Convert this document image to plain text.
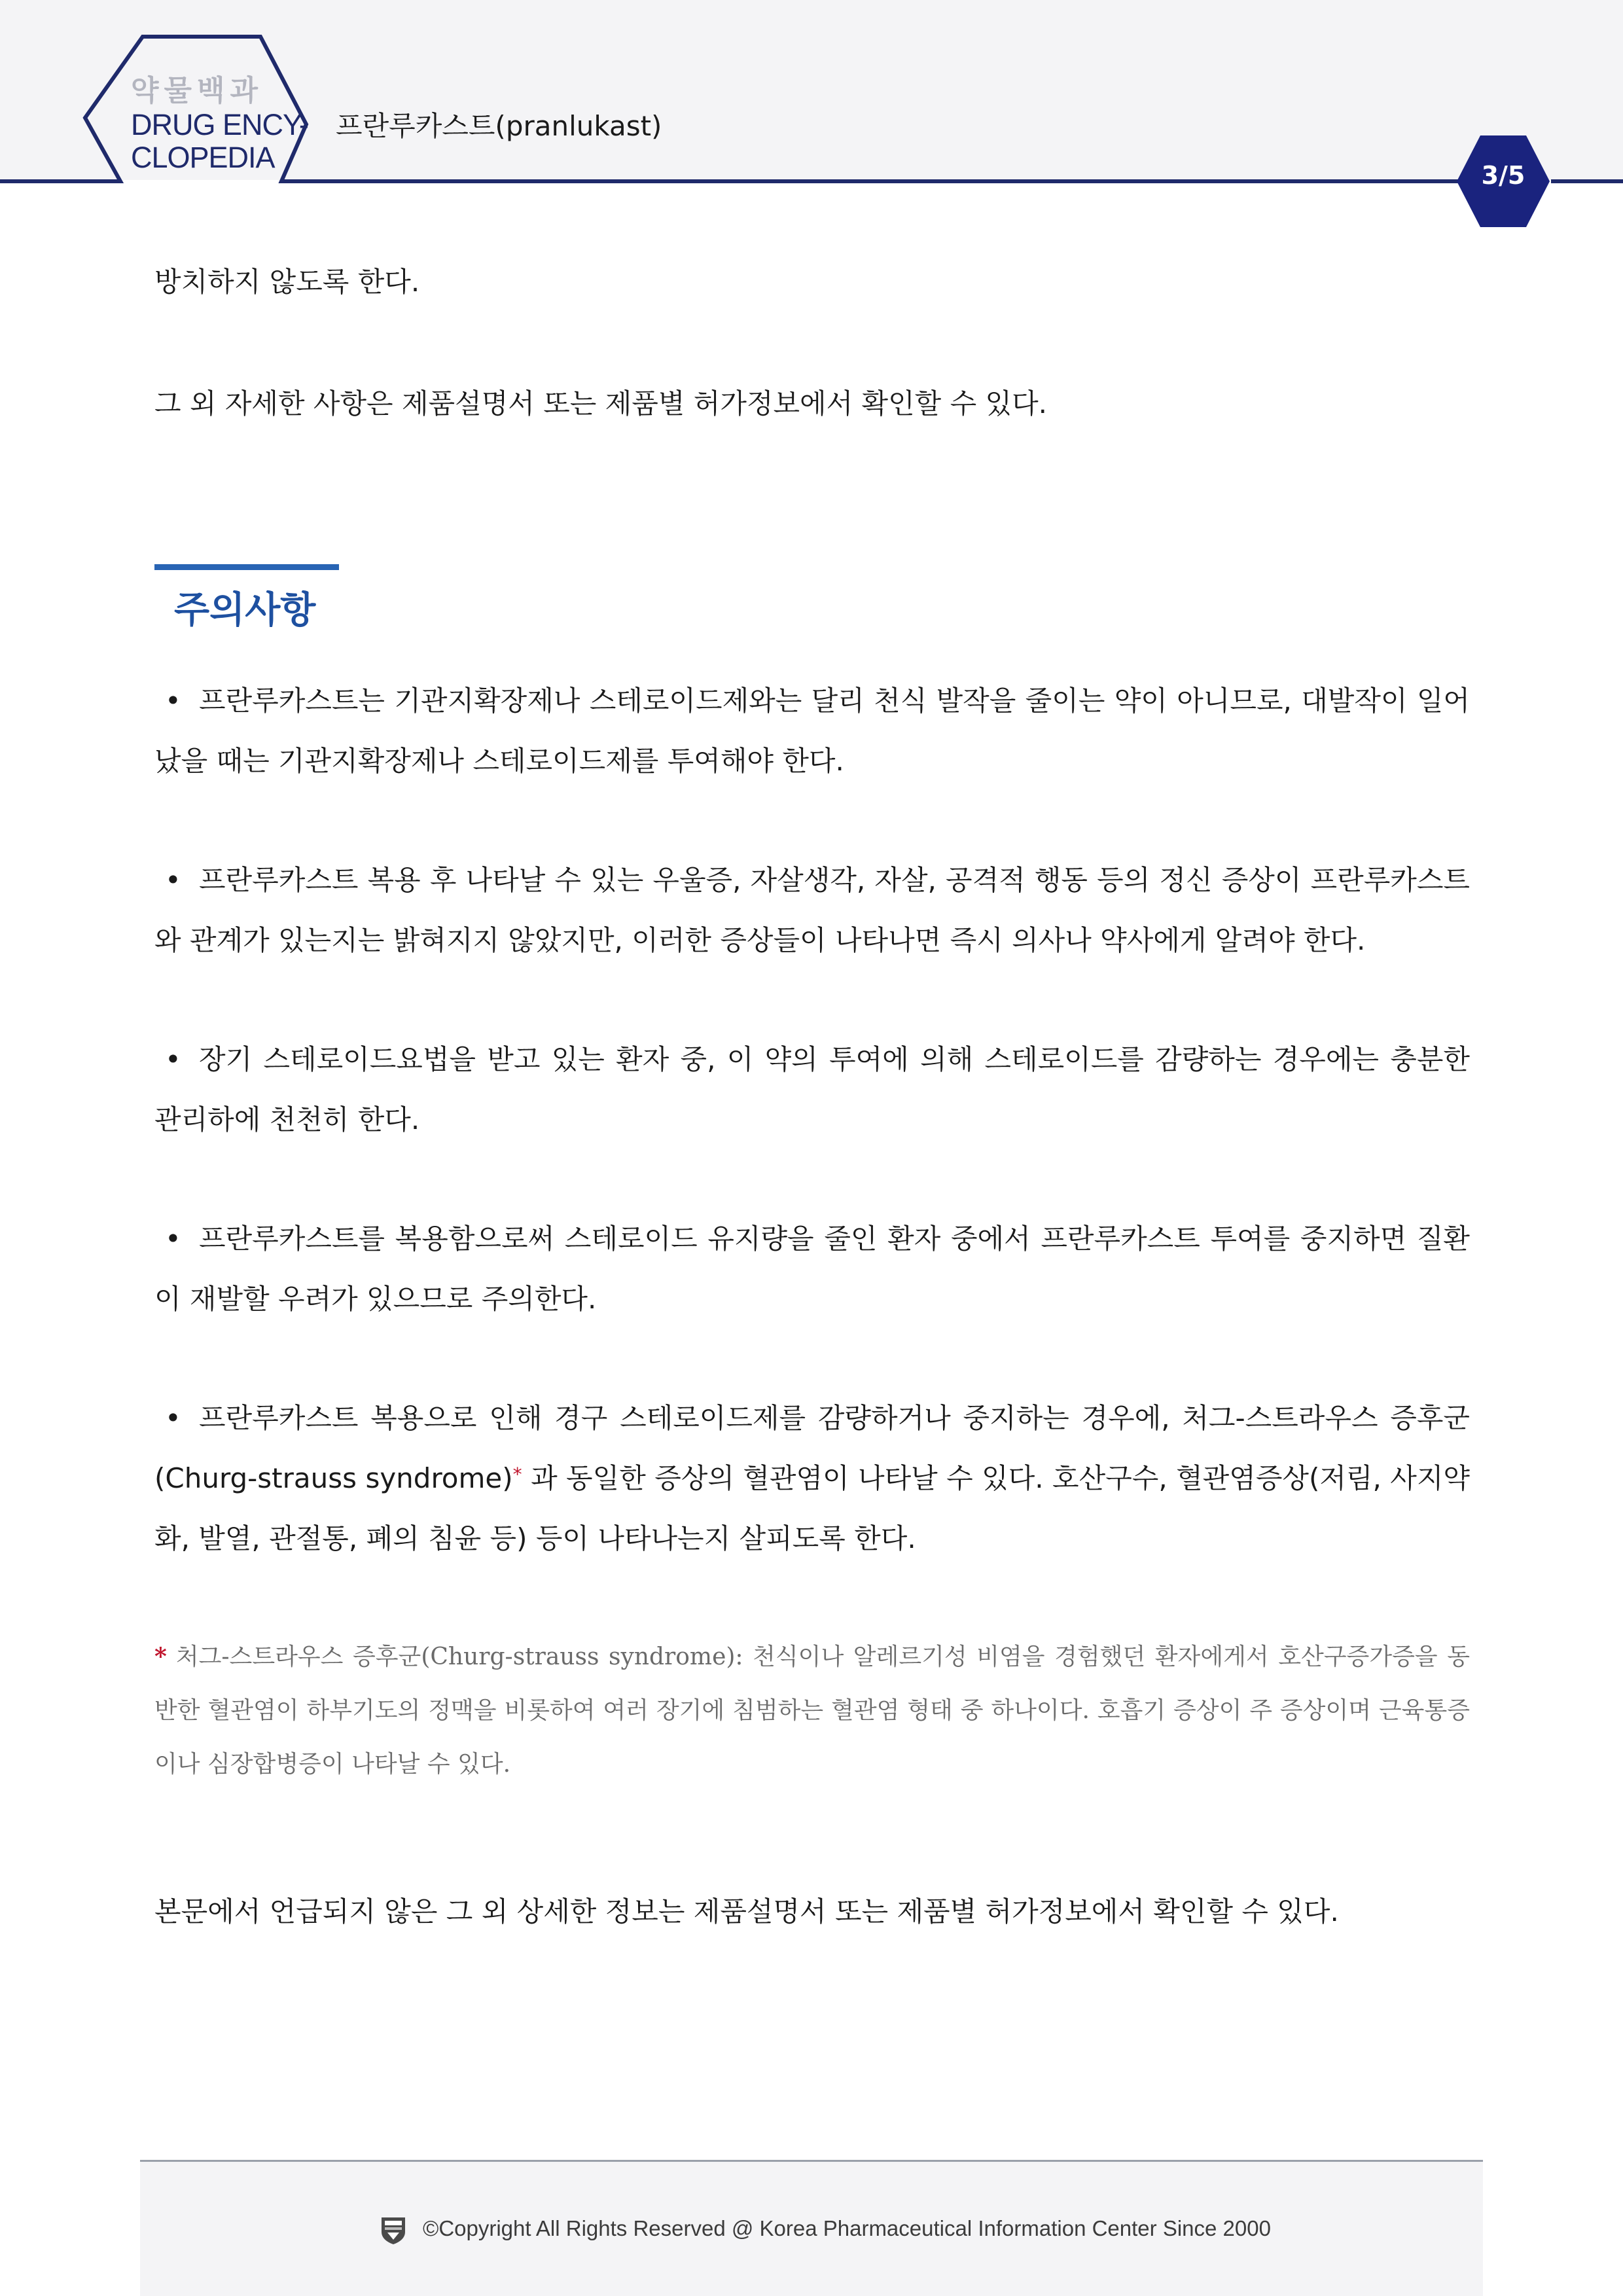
약물백과
DRUG ENCY-
CLOPEDIA
프란루카스트(pranlukast)
3/5

방치하지 않도록 한다.

그 외 자세한 사항은 제품설명서 또는 제품별 허가정보에서 확인할 수 있다.

주의사항

• 프란루카스트는 기관지확장제나 스테로이드제와는 달리 천식 발작을 줄이는 약이 아니므로, 대발작이 일어났을 때는 기관지확장제나 스테로이드제를 투여해야 한다.

• 프란루카스트 복용 후 나타날 수 있는 우울증, 자살생각, 자살, 공격적 행동 등의 정신 증상이 프란루카스트와 관계가 있는지는 밝혀지지 않았지만, 이러한 증상들이 나타나면 즉시 의사나 약사에게 알려야 한다.

• 장기 스테로이드요법을 받고 있는 환자 중, 이 약의 투여에 의해 스테로이드를 감량하는 경우에는 충분한 관리하에 천천히 한다.

• 프란루카스트를 복용함으로써 스테로이드 유지량을 줄인 환자 중에서 프란루카스트 투여를 중지하면 질환이 재발할 우려가 있으므로 주의한다.

• 프란루카스트 복용으로 인해 경구 스테로이드제를 감량하거나 중지하는 경우에, 처그-스트라우스 증후군(Churg-strauss syndrome)* 과 동일한 증상의 혈관염이 나타날 수 있다. 호산구수, 혈관염증상(저림, 사지약화, 발열, 관절통, 폐의 침윤 등) 등이 나타나는지 살피도록 한다.

* 처그-스트라우스 증후군(Churg-strauss syndrome): 천식이나 알레르기성 비염을 경험했던 환자에게서 호산구증가증을 동반한 혈관염이 하부기도의 정맥을 비롯하여 여러 장기에 침범하는 혈관염 형태 중 하나이다. 호흡기 증상이 주 증상이며 근육통증이나 심장합병증이 나타날 수 있다.

본문에서 언급되지 않은 그 외 상세한 정보는 제품설명서 또는 제품별 허가정보에서 확인할 수 있다.

©Copyright All Rights Reserved @ Korea Pharmaceutical Information Center Since 2000
